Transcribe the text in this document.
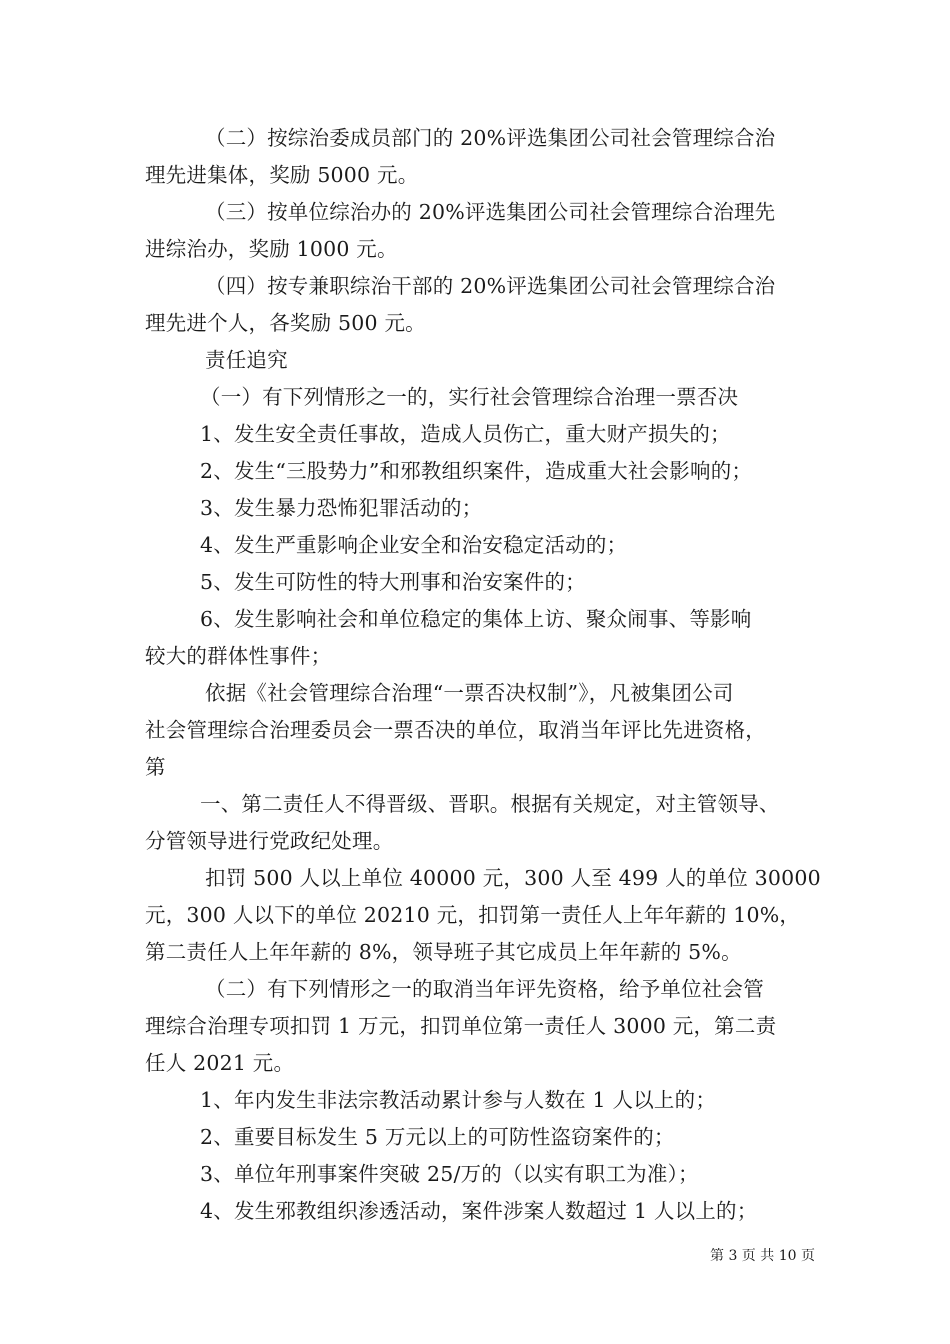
（二）按综治委成员部门的 20%评选集团公司社会管理综合治
理先进集体，奖励 5000 元。
（三）按单位综治办的 20%评选集团公司社会管理综合治理先
进综治办，奖励 1000 元。
（四）按专兼职综治干部的 20%评选集团公司社会管理综合治
理先进个人，各奖励 500 元。
责任追究
（一）有下列情形之一的，实行社会管理综合治理一票否决
1、发生安全责任事故，造成人员伤亡，重大财产损失的；
2、发生“三股势力”和邪教组织案件，造成重大社会影响的；
3、发生暴力恐怖犯罪活动的；
4、发生严重影响企业安全和治安稳定活动的；
5、发生可防性的特大刑事和治安案件的；
6、发生影响社会和单位稳定的集体上访、聚众闹事、等影响
较大的群体性事件；
依据《社会管理综合治理“一票否决权制”》，凡被集团公司
社会管理综合治理委员会一票否决的单位，取消当年评比先进资格，
第
一、第二责任人不得晋级、晋职。根据有关规定，对主管领导、
分管领导进行党政纪处理。
扣罚 500 人以上单位 40000 元，300 人至 499 人的单位 30000
元，300 人以下的单位 20210 元，扣罚第一责任人上年年薪的 10%，
第二责任人上年年薪的 8%，领导班子其它成员上年年薪的 5%。
（二）有下列情形之一的取消当年评先资格，给予单位社会管
理综合治理专项扣罚 1 万元，扣罚单位第一责任人 3000 元，第二责
任人 2021 元。
1、年内发生非法宗教活动累计参与人数在 1 人以上的；
2、重要目标发生 5 万元以上的可防性盗窃案件的；
3、单位年刑事案件突破 25/万的（以实有职工为准）；
4、发生邪教组织渗透活动，案件涉案人数超过 1 人以上的；
第 3 页 共 10 页
